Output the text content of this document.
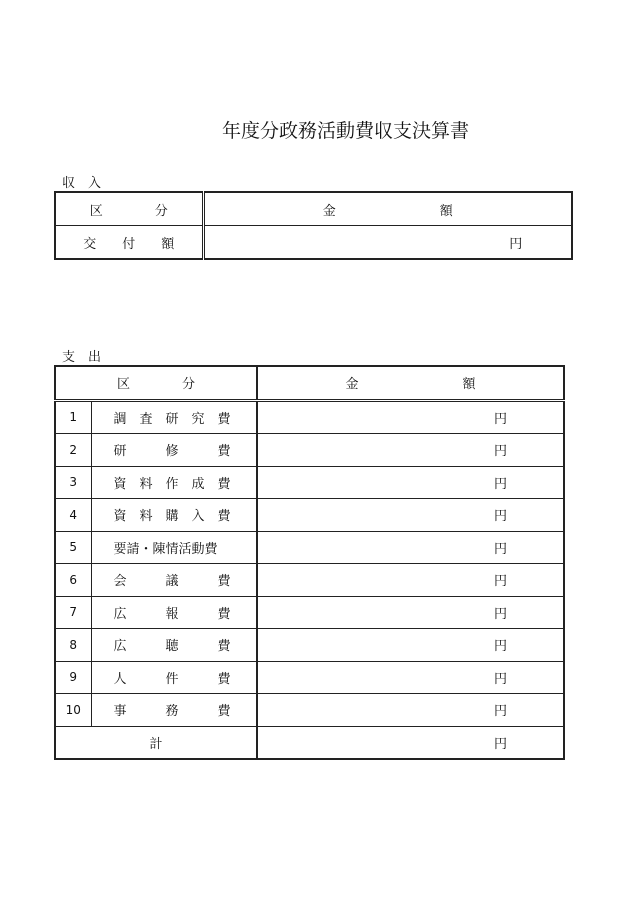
年度分政務活動費収支決算書
収　入
区　　　　分	金　　　　　　　　額
交　　付　　額	円
支　出
区　　　　分		金　　　　　　　　額
1	調　査　研　究　費	円
2	研　　　修　　　費	円
3	資　料　作　成　費	円
4	資　料　購　入　費	円
5	要請・陳情活動費	円
6	会　　　議　　　費	円
7	広　　　報　　　費	円
8	広　　　聴　　　費	円
9	人　　　件　　　費	円
10	事　　　務　　　費	円
計		円
